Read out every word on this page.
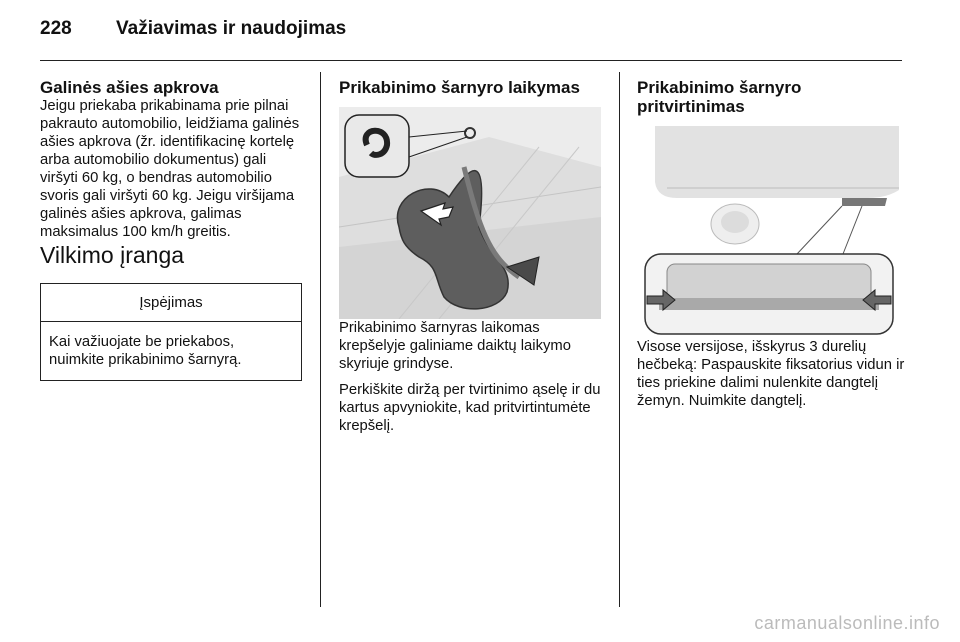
228 Važiavimas ir naudojimas

Galinės ašies apkrova

Jeigu priekaba prikabinama prie pilnai pakrauto automobilio, leidžiama galinės ašies apkrova (žr. identifikacinę kortelę arba automobilio dokumentus) gali viršyti 60 kg, o bendras automobilio svoris gali viršyti 60 kg. Jeigu viršijama galinės ašies apkrova, galimas maksimalus 100 km/h greitis.

Vilkimo įranga

Įspėjimas
Kai važiuojate be priekabos, nuimkite prikabinimo šarnyrą.

Prikabinimo šarnyro laikymas

Prikabinimo šarnyras laikomas krepšelyje galiniame daiktų laikymo skyriuje grindyse.

Perkiškite diržą per tvirtinimo ąselę ir du kartus apvyniokite, kad pritvirtintumėte krepšelį.

Prikabinimo šarnyro pritvirtinimas

Visose versijose, išskyrus 3 durelių hečbeką: Paspauskite fiksatorius vidun ir ties priekine dalimi nulenkite dangtelį žemyn. Nuimkite dangtelį.

carmanualsonline.info
